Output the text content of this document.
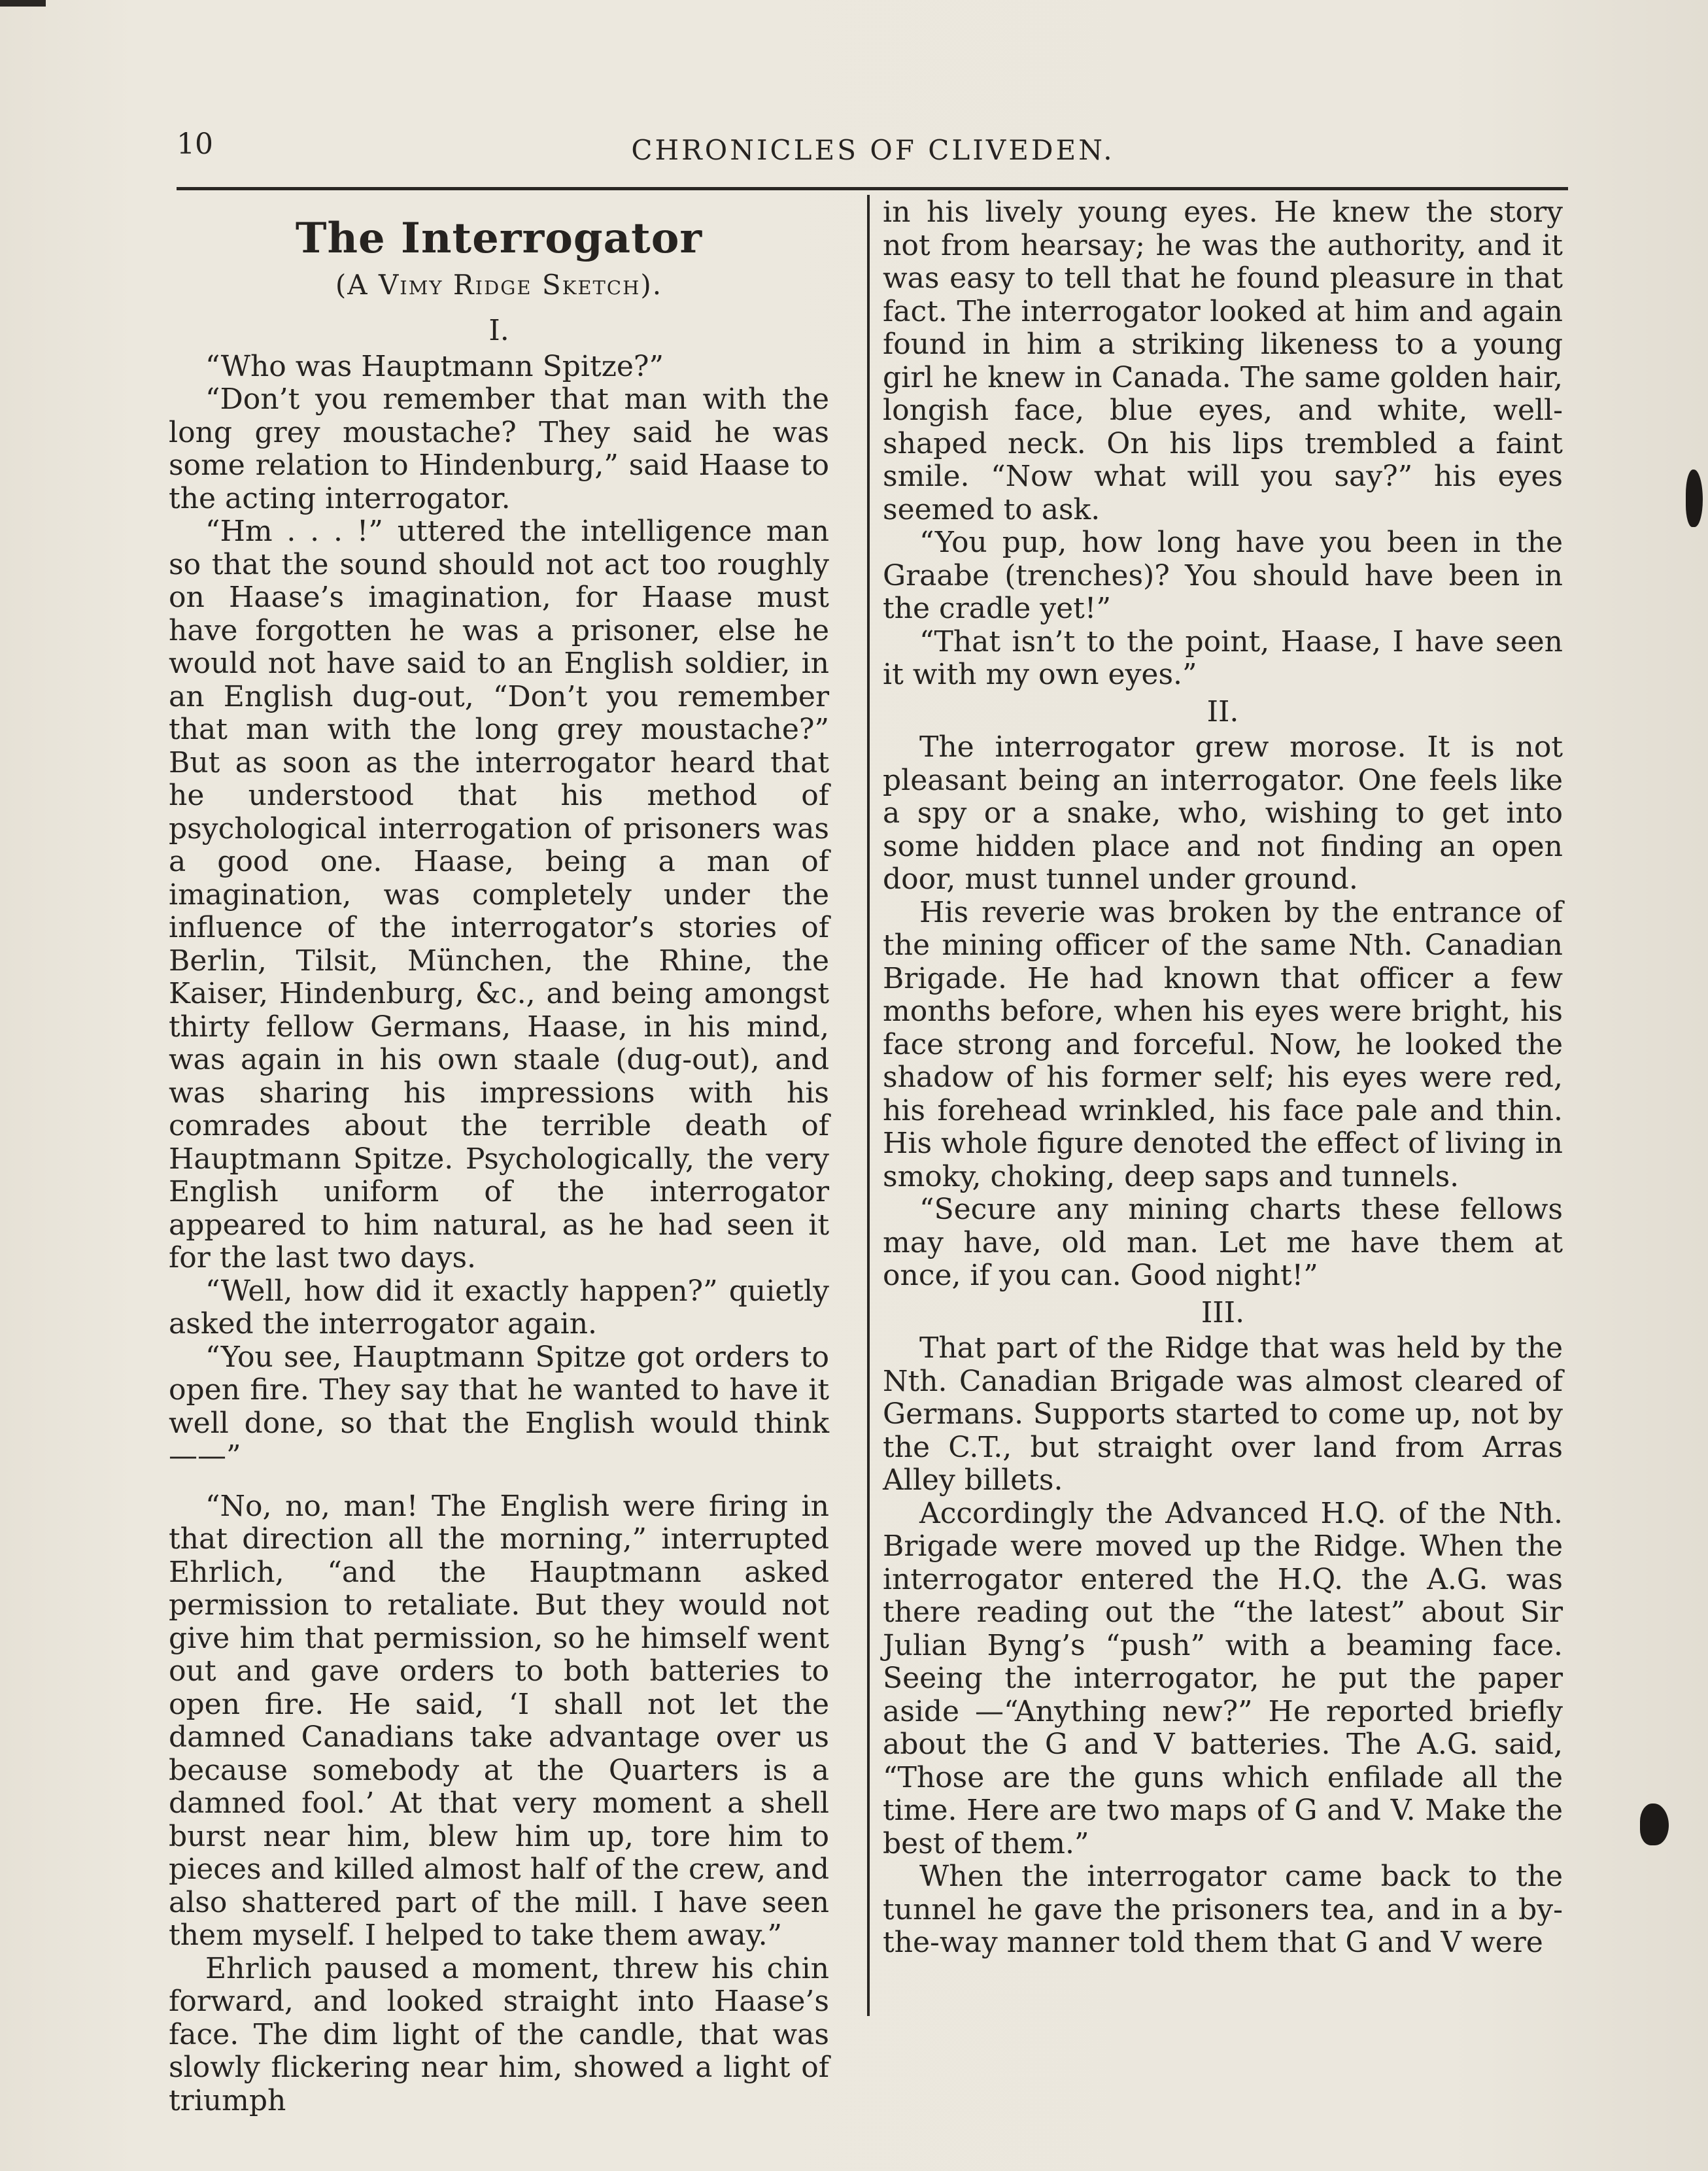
10	CHRONICLES OF CLIVEDEN.
The Interrogator
(A Vimy Ridge Sketch).
I.

“Who was Hauptmann Spitze?”

“Don’t you remember that man with the long grey moustache? They said he was some relation to Hindenburg,” said Haase to the acting interrogator.

“Hm . . . !” uttered the intelligence man so that the sound should not act too roughly on Haase’s imagination, for Haase must have forgotten he was a prisoner, else he would not have said to an English soldier, in an English dug-out, “Don’t you remember that man with the long grey moustache?” But as soon as the interrogator heard that he understood that his method of psychological interrogation of prisoners was a good one. Haase, being a man of imagination, was completely under the influence of the interrogator’s stories of Berlin, Tilsit, München, the Rhine, the Kaiser, Hindenburg, &c., and being amongst thirty fellow Germans, Haase, in his mind, was again in his own staale (dug-out), and was sharing his impressions with his comrades about the terrible death of Hauptmann Spitze. Psychologically, the very English uniform of the interrogator appeared to him natural, as he had seen it for the last two days.

“Well, how did it exactly happen?” quietly asked the interrogator again.

“You see, Hauptmann Spitze got orders to open fire. They say that he wanted to have it well done, so that the English would think ——”

“No, no, man! The English were firing in that direction all the morning,” interrupted Ehrlich, “and the Hauptmann asked permission to retaliate. But they would not give him that permission, so he himself went out and gave orders to both batteries to open fire. He said, ‘I shall not let the damned Canadians take advantage over us because somebody at the Quarters is a damned fool.’ At that very moment a shell burst near him, blew him up, tore him to pieces and killed almost half of the crew, and also shattered part of the mill. I have seen them myself. I helped to take them away.”

Ehrlich paused a moment, threw his chin forward, and looked straight into Haase’s face. The dim light of the candle, that was slowly flickering near him, showed a light of triumph

in his lively young eyes. He knew the story not from hearsay; he was the authority, and it was easy to tell that he found pleasure in that fact. The interrogator looked at him and again found in him a striking likeness to a young girl he knew in Canada. The same golden hair, longish face, blue eyes, and white, well-shaped neck. On his lips trembled a faint smile. “Now what will you say?” his eyes seemed to ask.

“You pup, how long have you been in the Graabe (trenches)? You should have been in the cradle yet!”

“That isn’t to the point, Haase, I have seen it with my own eyes.”

II.

The interrogator grew morose. It is not pleasant being an interrogator. One feels like a spy or a snake, who, wishing to get into some hidden place and not finding an open door, must tunnel under ground.

His reverie was broken by the entrance of the mining officer of the same Nth. Canadian Brigade. He had known that officer a few months before, when his eyes were bright, his face strong and forceful. Now, he looked the shadow of his former self; his eyes were red, his forehead wrinkled, his face pale and thin. His whole figure denoted the effect of living in smoky, choking, deep saps and tunnels.

“Secure any mining charts these fellows may have, old man. Let me have them at once, if you can. Good night!”

III.

That part of the Ridge that was held by the Nth. Canadian Brigade was almost cleared of Germans. Supports started to come up, not by the C.T., but straight over land from Arras Alley billets.

Accordingly the Advanced H.Q. of the Nth. Brigade were moved up the Ridge. When the interrogator entered the H.Q. the A.G. was there reading out the “the latest” about Sir Julian Byng’s “push” with a beaming face. Seeing the interrogator, he put the paper aside —“Anything new?” He reported briefly about the G and V batteries. The A.G. said, “Those are the guns which enfilade all the time. Here are two maps of G and V. Make the best of them.”

When the interrogator came back to the tunnel he gave the prisoners tea, and in a by-the-way manner told them that G and V were
